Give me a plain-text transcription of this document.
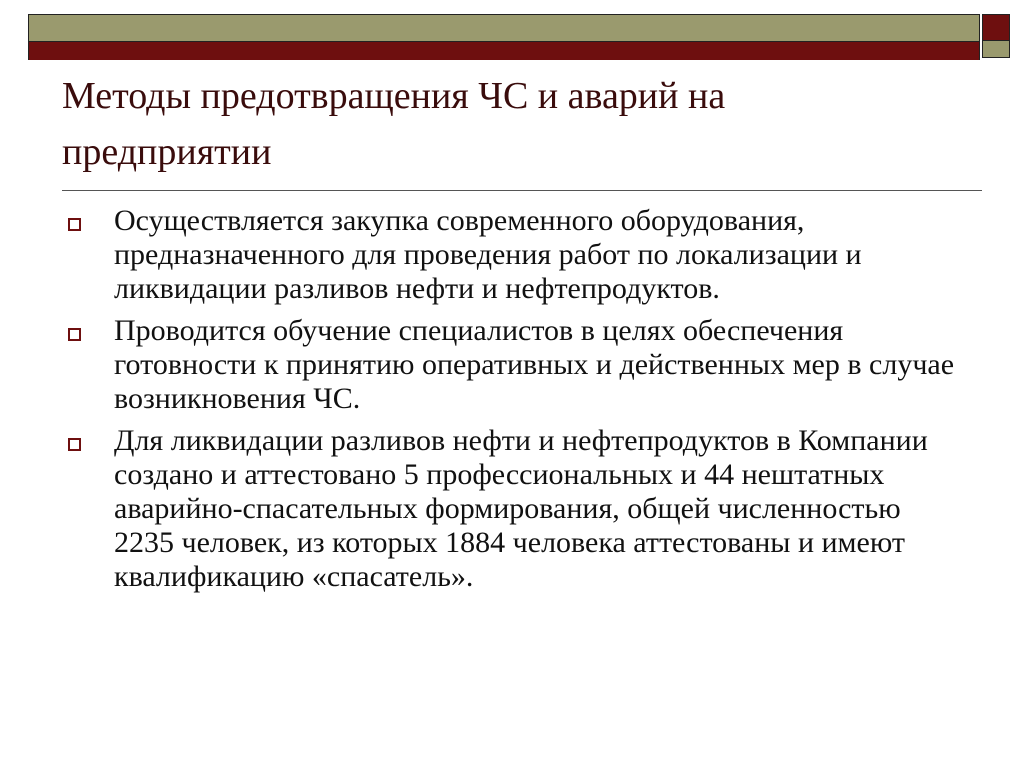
Методы предотвращения ЧС и аварий на предприятии
Осуществляется закупка современного оборудования, предназначенного для проведения работ по локализации и ликвидации разливов нефти и нефтепродуктов.
Проводится обучение специалистов в целях обеспечения готовности к принятию оперативных и действенных мер в случае возникновения ЧС.
Для ликвидации разливов нефти и нефтепродуктов в Компании создано и аттестовано 5 профессиональных и 44 нештатных аварийно-спасательных формирования, общей численностью 2235 человек, из которых 1884 человека аттестованы и имеют квалификацию «спасатель».
